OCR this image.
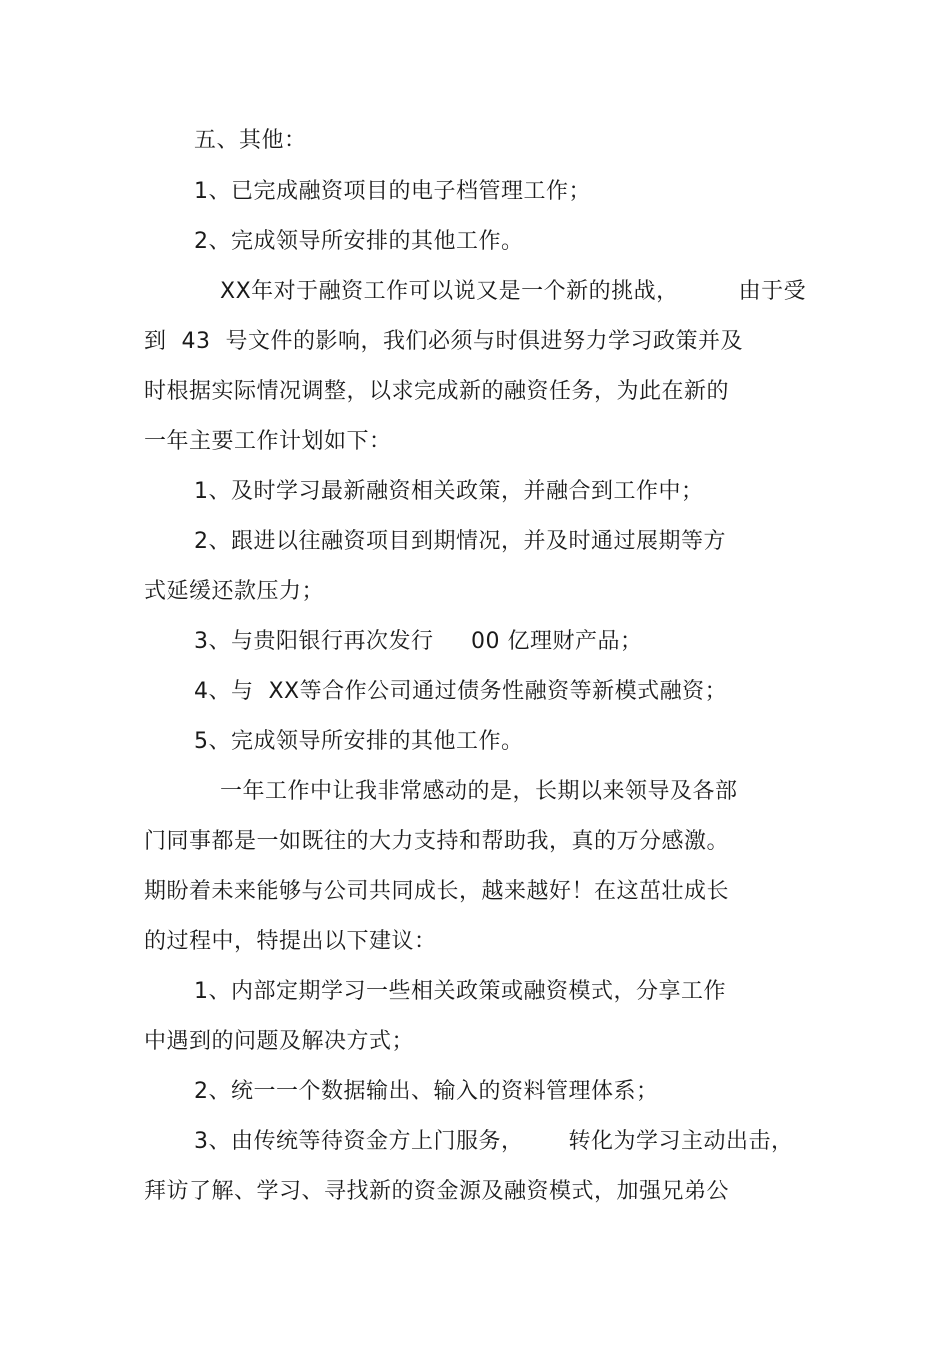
五、其他：
1、已完成融资项目的电子档管理工作；
2、完成领导所安排的其他工作。
XX年对于融资工作可以说又是一个新的挑战，        由于受
到  43  号文件的影响，我们必须与时俱进努力学习政策并及
时根据实际情况调整，以求完成新的融资任务，为此在新的
一年主要工作计划如下：
1、及时学习最新融资相关政策，并融合到工作中；
2、跟进以往融资项目到期情况，并及时通过展期等方
式延缓还款压力；
3、与贵阳银行再次发行     00 亿理财产品；
4、与  XX等合作公司通过债务性融资等新模式融资；
5、完成领导所安排的其他工作。
一年工作中让我非常感动的是，长期以来领导及各部
门同事都是一如既往的大力支持和帮助我，真的万分感激。
期盼着未来能够与公司共同成长，越来越好！在这茁壮成长
的过程中，特提出以下建议：
1、内部定期学习一些相关政策或融资模式，分享工作
中遇到的问题及解决方式；
2、统一一个数据输出、输入的资料管理体系；
3、由传统等待资金方上门服务，      转化为学习主动出击，
拜访了解、学习、寻找新的资金源及融资模式，加强兄弟公
